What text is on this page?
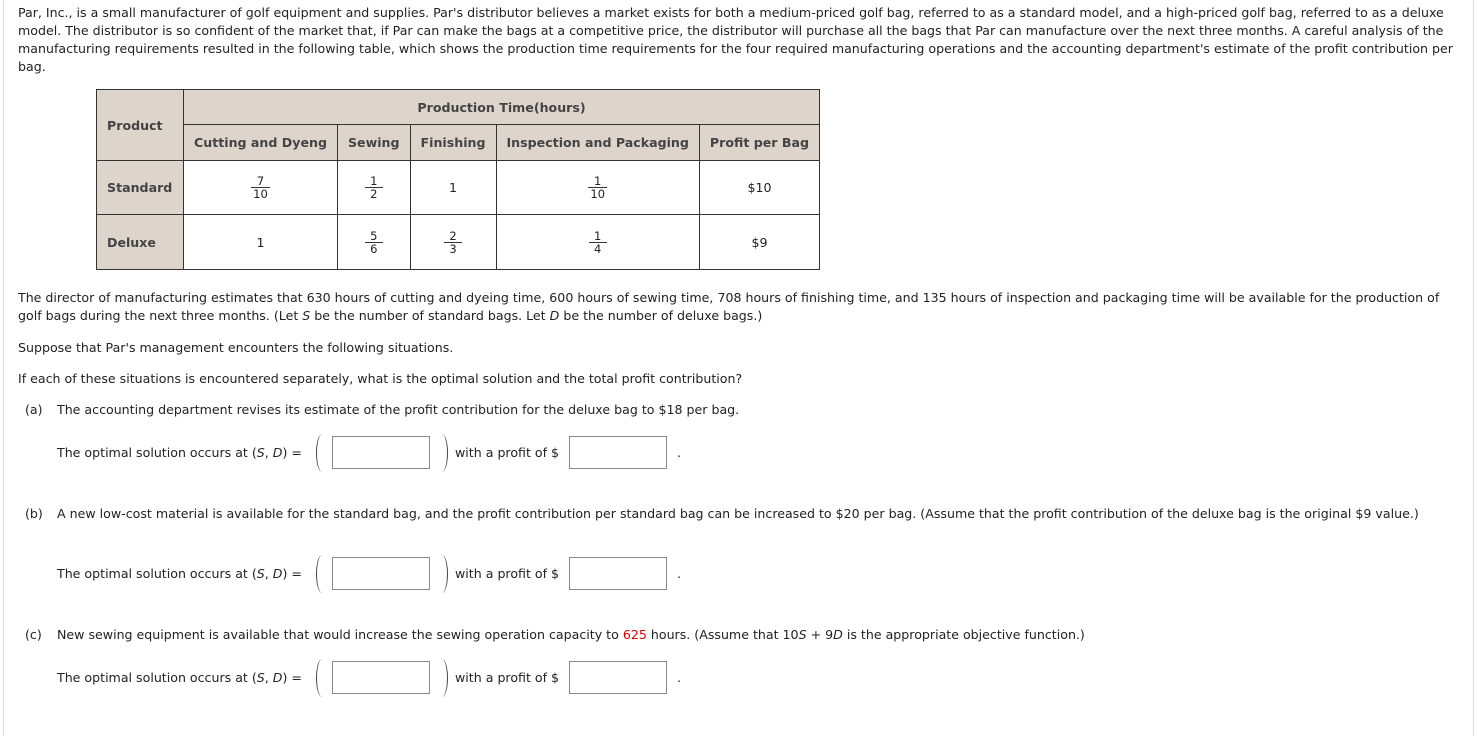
Par, Inc., is a small manufacturer of golf equipment and supplies. Par's distributor believes a market exists for both a medium-priced golf bag, referred to as a standard model, and a high-priced golf bag, referred to as a deluxe model. The distributor is so confident of the market that, if Par can make the bags at a competitive price, the distributor will purchase all the bags that Par can manufacture over the next three months. A careful analysis of the manufacturing requirements resulted in the following table, which shows the production time requirements for the four required manufacturing operations and the accounting department's estimate of the profit contribution per bag.

Product	Production Time(hours)				
	Cutting and Dyeng	Sewing	Finishing	Inspection and Packaging	Profit per Bag
Standard	$\frac{7}{10}$	$\frac{1}{2}$	1	$\frac{1}{10}$	$10
Deluxe	1	$\frac{5}{6}$	$\frac{2}{3}$	$\frac{1}{4}$	$9

The director of manufacturing estimates that 630 hours of cutting and dyeing time, 600 hours of sewing time, 708 hours of finishing time, and 135 hours of inspection and packaging time will be available for the production of golf bags during the next three months. (Let S be the number of standard bags. Let D be the number of deluxe bags.)

Suppose that Par's management encounters the following situations.

If each of these situations is encountered separately, what is the optimal solution and the total profit contribution?

(a) The accounting department revises its estimate of the profit contribution for the deluxe bag to $18 per bag.
The optimal solution occurs at (S, D) =	with a profit of $	.
(b) A new low-cost material is available for the standard bag, and the profit contribution per standard bag can be increased to $20 per bag. (Assume that the profit contribution of the deluxe bag is the original $9 value.)
The optimal solution occurs at (S, D) =	with a profit of $	.
(c) New sewing equipment is available that would increase the sewing operation capacity to 625 hours. (Assume that 10S + 9D is the appropriate objective function.)
The optimal solution occurs at (S, D) =	with a profit of $	.
